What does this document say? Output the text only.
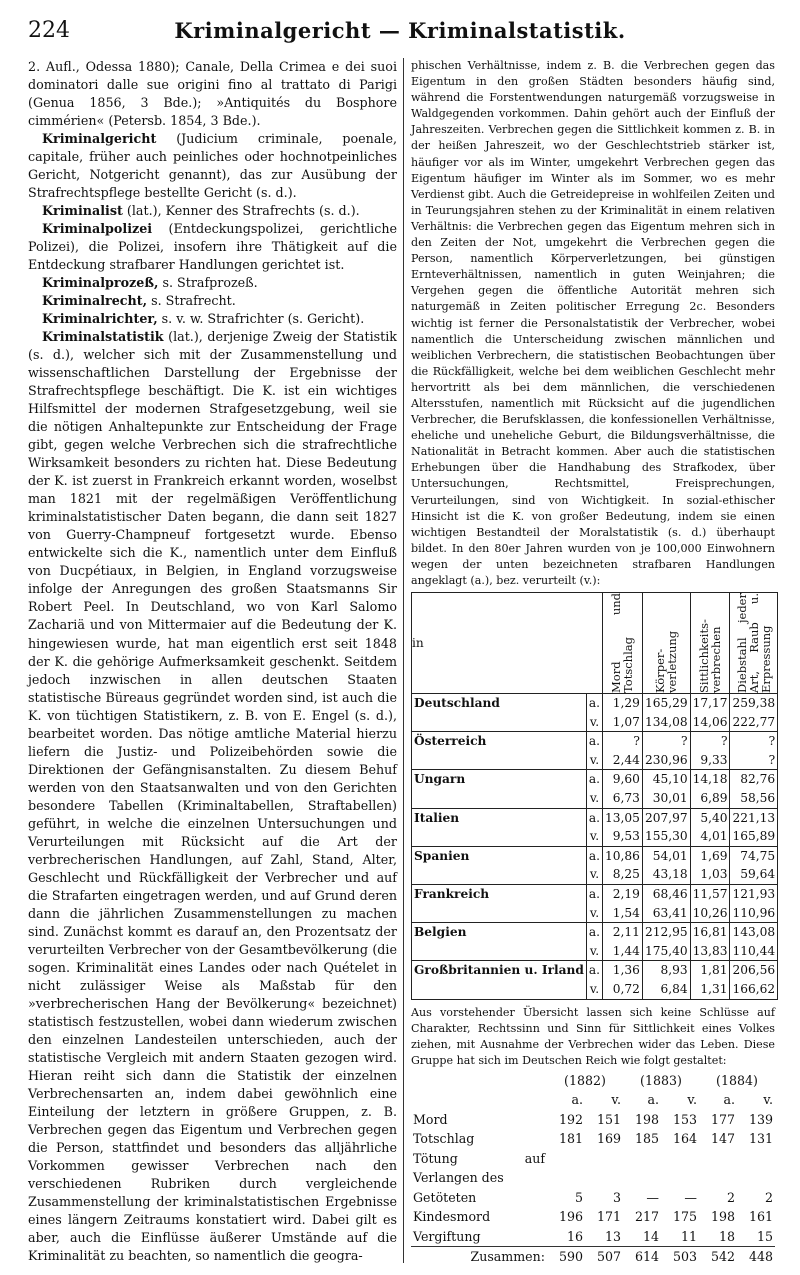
224	Kriminalgericht — Kriminalstatistik.

2. Aufl., Odessa 1880); Canale, Della Crimea e dei suoi dominatori dalle sue origini fino al trattato di Parigi (Genua 1856, 3 Bde.); »Antiquités du Bosphore cimmérien« (Petersb. 1854, 3 Bde.).

Kriminalgericht (Judicium criminale, poenale, capitale, früher auch peinliches oder hochnotpeinliches Gericht, Notgericht genannt), das zur Ausübung der Strafrechtspflege bestellte Gericht (s. d.).

Kriminalist (lat.), Kenner des Strafrechts (s. d.).

Kriminalpolizei (Entdeckungspolizei, gerichtliche Polizei), die Polizei, insofern ihre Thätigkeit auf die Entdeckung strafbarer Handlungen gerichtet ist.

Kriminalprozeß, s. Strafprozeß.

Kriminalrecht, s. Strafrecht.

Kriminalrichter, s. v. w. Strafrichter (s. Gericht).

Kriminalstatistik (lat.), derjenige Zweig der Statistik (s. d.), welcher sich mit der Zusammenstellung und wissenschaftlichen Darstellung der Ergebnisse der Strafrechtspflege beschäftigt. Die K. ist ein wichtiges Hilfsmittel der modernen Strafgesetzgebung, weil sie die nötigen Anhaltepunkte zur Entscheidung der Frage gibt, gegen welche Verbrechen sich die strafrechtliche Wirksamkeit besonders zu richten hat. Diese Bedeutung der K. ist zuerst in Frankreich erkannt worden, woselbst man 1821 mit der regelmäßigen Veröffentlichung kriminalstatistischer Daten begann, die dann seit 1827 von Guerry-Champneuf fortgesetzt wurde. Ebenso entwickelte sich die K., namentlich unter dem Einfluß von Ducpétiaux, in Belgien, in England vorzugsweise infolge der Anregungen des großen Staatsmanns Sir Robert Peel. In Deutschland, wo von Karl Salomo Zachariä und von Mittermaier auf die Bedeutung der K. hingewiesen wurde, hat man eigentlich erst seit 1848 der K. die gehörige Aufmerksamkeit geschenkt. Seitdem jedoch inzwischen in allen deutschen Staaten statistische Büreaus gegründet worden sind, ist auch die K. von tüchtigen Statistikern, z. B. von E. Engel (s. d.), bearbeitet worden. Das nötige amtliche Material hierzu liefern die Justiz- und Polizeibehörden sowie die Direktionen der Gefängnisanstalten. Zu diesem Behuf werden von den Staatsanwalten und von den Gerichten besondere Tabellen (Kriminaltabellen, Straftabellen) geführt, in welche die einzelnen Untersuchungen und Verurteilungen mit Rücksicht auf die Art der verbrecherischen Handlungen, auf Zahl, Stand, Alter, Geschlecht und Rückfälligkeit der Verbrecher und auf die Strafarten eingetragen werden, und auf Grund deren dann die jährlichen Zusammenstellungen zu machen sind. Zunächst kommt es darauf an, den Prozentsatz der verurteilten Verbrecher von der Gesamtbevölkerung (die sogen. Kriminalität eines Landes oder nach Quételet in nicht zulässiger Weise als Maßstab für den »verbrecherischen Hang der Bevölkerung« bezeichnet) statistisch festzustellen, wobei dann wiederum zwischen den einzelnen Landesteilen unterschieden, auch der statistische Vergleich mit andern Staaten gezogen wird. Hieran reiht sich dann die Statistik der einzelnen Verbrechensarten an, indem dabei gewöhnlich eine Einteilung der letztern in größere Gruppen, z. B. Verbrechen gegen das Eigentum und Verbrechen gegen die Person, stattfindet und besonders das alljährliche Vorkommen gewisser Verbrechen nach den verschiedenen Rubriken durch vergleichende Zusammenstellung der kriminalstatistischen Ergebnisse eines längern Zeitraums konstatiert wird. Dabei gilt es aber, auch die Einflüsse äußerer Umstände auf die Kriminalität zu beachten, so namentlich die geogra-

phischen Verhältnisse, indem z. B. die Verbrechen gegen das Eigentum in den großen Städten besonders häufig sind, während die Forstentwendungen naturgemäß vorzugsweise in Waldgegenden vorkommen. Dahin gehört auch der Einfluß der Jahreszeiten. Verbrechen gegen die Sittlichkeit kommen z. B. in der heißen Jahreszeit, wo der Geschlechtstrieb stärker ist, häufiger vor als im Winter, umgekehrt Verbrechen gegen das Eigentum häufiger im Winter als im Sommer, wo es mehr Verdienst gibt. Auch die Getreidepreise in wohlfeilen Zeiten und in Teurungsjahren stehen zu der Kriminalität in einem relativen Verhältnis: die Verbrechen gegen das Eigentum mehren sich in den Zeiten der Not, umgekehrt die Verbrechen gegen die Person, namentlich Körperverletzungen, bei günstigen Ernteverhältnissen, namentlich in guten Weinjahren; die Vergehen gegen die öffentliche Autorität mehren sich naturgemäß in Zeiten politischer Erregung 2c. Besonders wichtig ist ferner die Personalstatistik der Verbrecher, wobei namentlich die Unterscheidung zwischen männlichen und weiblichen Verbrechern, die statistischen Beobachtungen über die Rückfälligkeit, welche bei dem weiblichen Geschlecht mehr hervortritt als bei dem männlichen, die verschiedenen Altersstufen, namentlich mit Rücksicht auf die jugendlichen Verbrecher, die Berufsklassen, die konfessionellen Verhältnisse, eheliche und uneheliche Geburt, die Bildungsverhältnisse, die Nationalität in Betracht kommen. Aber auch die statistischen Erhebungen über die Handhabung des Strafkodex, über Untersuchungen, Rechtsmittel, Freisprechungen, Verurteilungen, sind von Wichtigkeit. In sozial-ethischer Hinsicht ist die K. von großer Bedeutung, indem sie einen wichtigen Bestandteil der Moralstatistik (s. d.) überhaupt bildet. In den 80er Jahren wurden von je 100,000 Einwohnern wegen der unten bezeichneten strafbaren Handlungen angeklagt (a.), bez. verurteilt (v.):

in		Mord und Totschlag	Körper-verletzung	Sittlichkeits-verbrechen	Diebstahl jeder Art, Raub u. Erpressung

Deutschland	a.	1,29	165,29	17,17	259,38
	v.	1,07	134,08	14,06	222,77
Österreich	a.	?	?	?	?
	v.	2,44	230,96	9,33	?
Ungarn	a.	9,60	45,10	14,18	82,76
	v.	6,73	30,01	6,89	58,56
Italien	a.	13,05	207,97	5,40	221,13
	v.	9,53	155,30	4,01	165,89
Spanien	a.	10,86	54,01	1,69	74,75
	v.	8,25	43,18	1,03	59,64
Frankreich	a.	2,19	68,46	11,57	121,93
	v.	1,54	63,41	10,26	110,96
Belgien	a.	2,11	212,95	16,81	143,08
	v.	1,44	175,40	13,83	110,44
Großbritannien u. Irland	a.	1,36	8,93	1,81	206,56
	v.	0,72	6,84	1,31	166,62

Aus vorstehender Übersicht lassen sich keine Schlüsse auf Charakter, Rechtssinn und Sinn für Sittlichkeit eines Volkes ziehen, mit Ausnahme der Verbrechen wider das Leben. Diese Gruppe hat sich im Deutschen Reich wie folgt gestaltet:

	(1882)		(1883)		(1884)	
	a.	v.	a.	v.	a.	v.
Mord	192	151	198	153	177	139
Totschlag	181	169	185	164	147	131
Tötung auf Verlangen des						
Getöteten	5	3	—	—	2	2
Kindesmord	196	171	217	175	198	161
Vergiftung	16	13	14	11	18	15
Zusammen:	590	507	614	503	542	448
